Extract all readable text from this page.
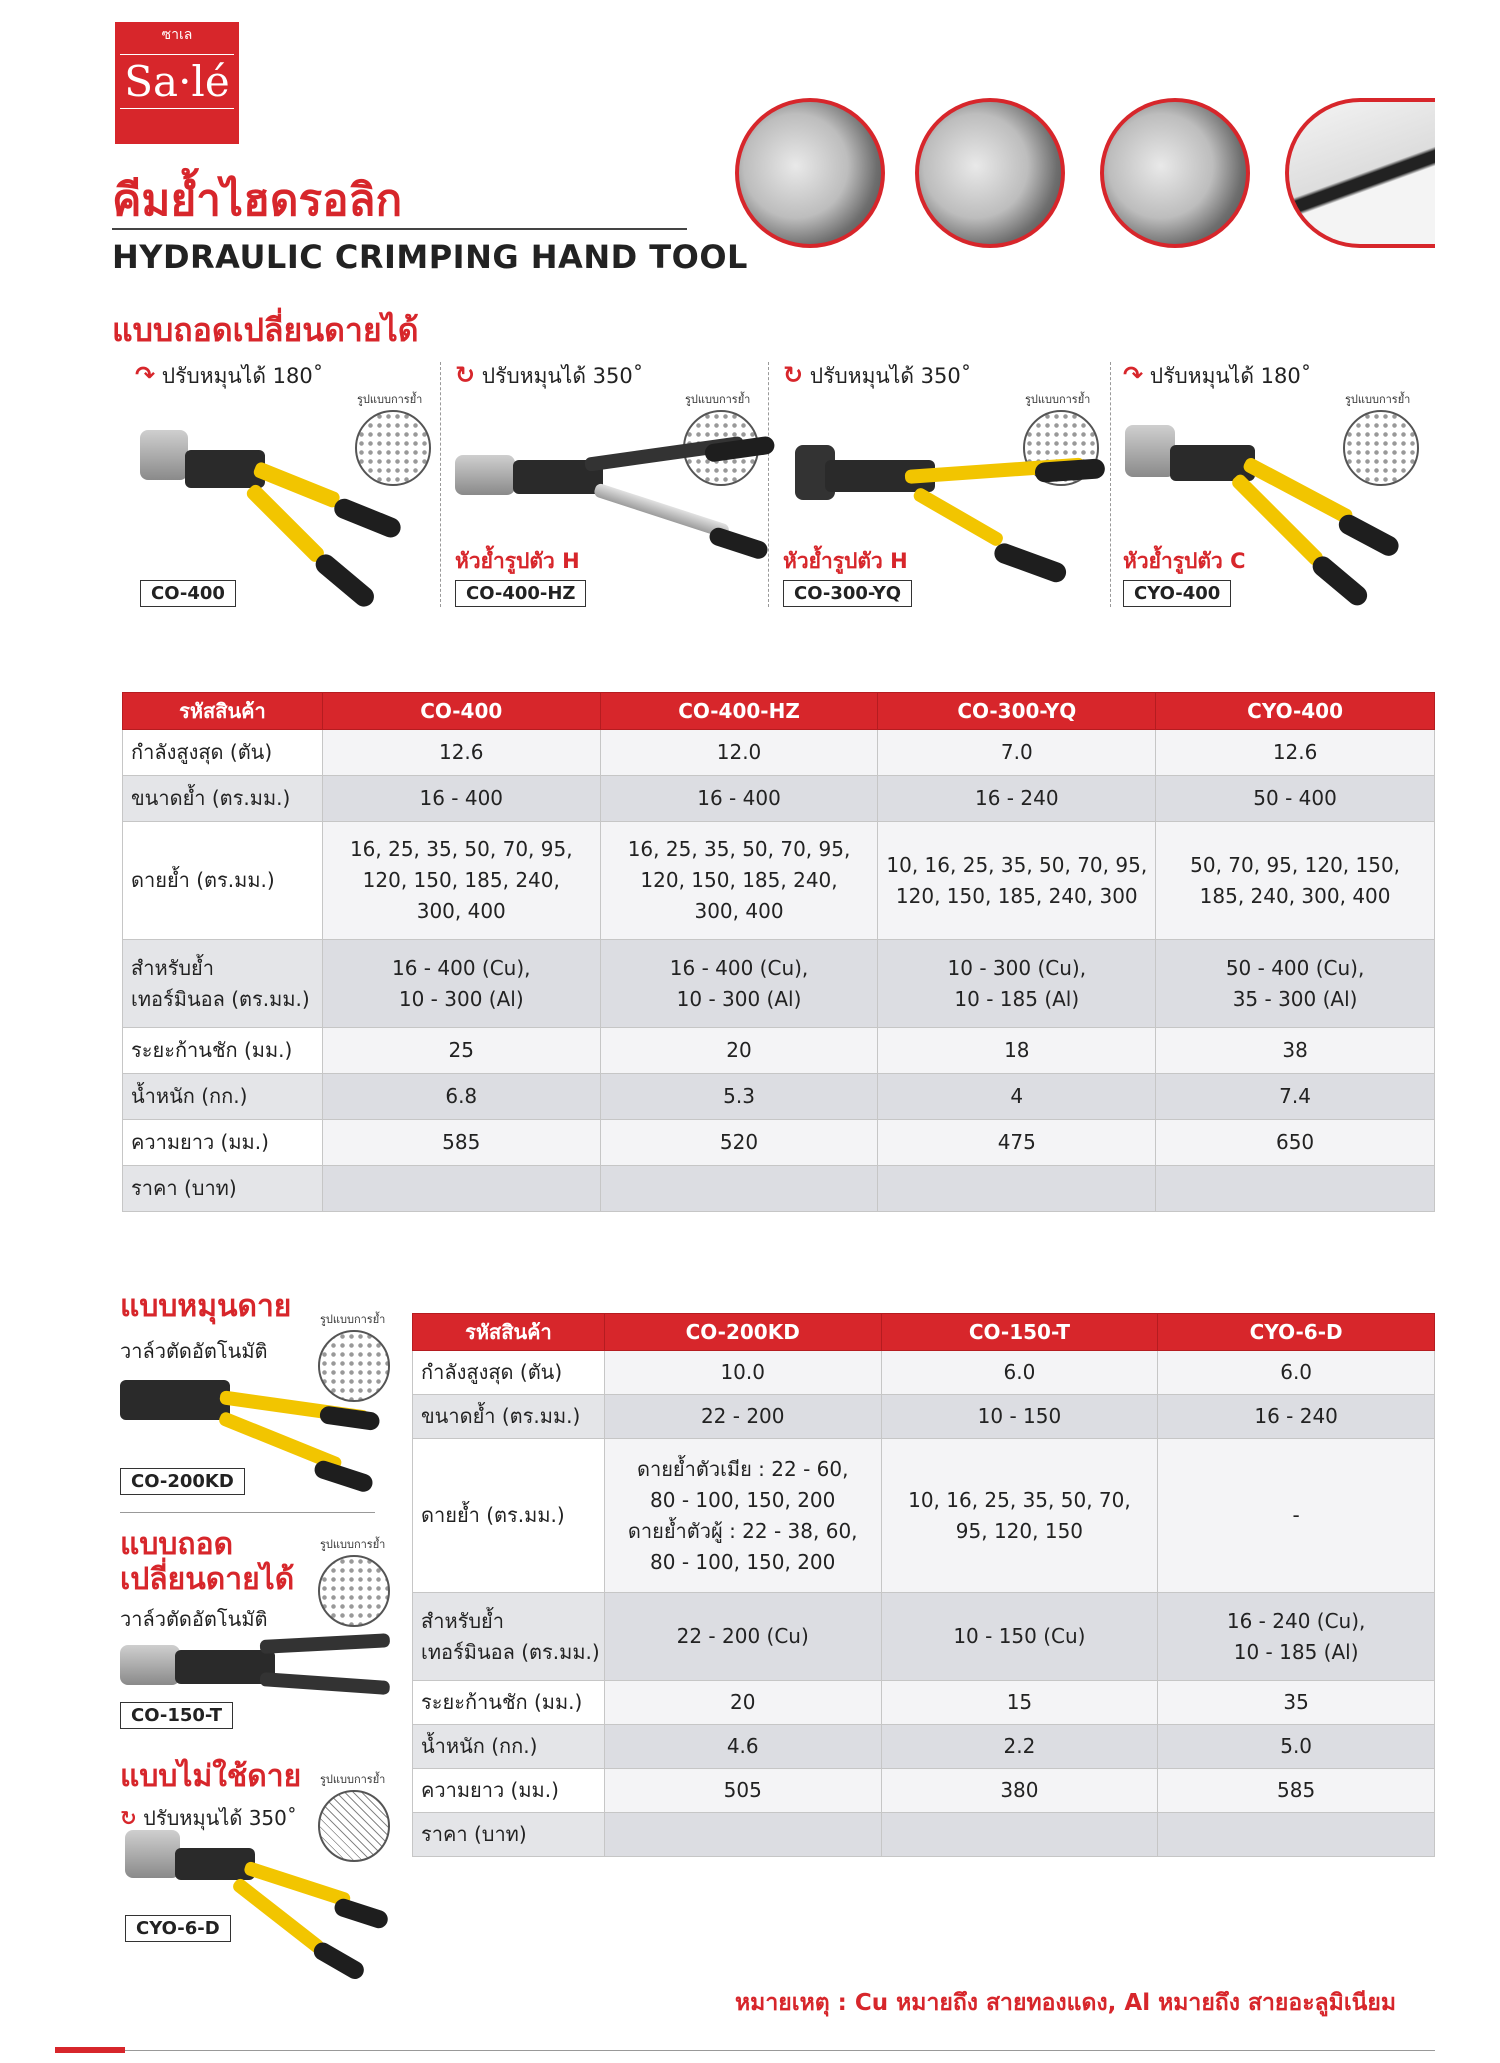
ซาเล
Sa·lé
คีมย้ำไฮดรอลิก
HYDRAULIC CRIMPING HAND TOOL
แบบถอดเปลี่ยนดายได้
↷ ปรับหมุนได้ 180˚
รูปแบบการย้ำ
CO-400
↻ ปรับหมุนได้ 350˚
รูปแบบการย้ำ
หัวย้ำรูปตัว H
CO-400-HZ
↻ ปรับหมุนได้ 350˚
รูปแบบการย้ำ
หัวย้ำรูปตัว H
CO-300-YQ
↷ ปรับหมุนได้ 180˚
รูปแบบการย้ำ
หัวย้ำรูปตัว C
CYO-400
รหัสสินค้า	CO-400	CO-400-HZ	CO-300-YQ	CYO-400
กำลังสูงสุด (ตัน)	12.6	12.0	7.0	12.6
ขนาดย้ำ (ตร.มม.)	16 - 400	16 - 400	16 - 240	50 - 400
ดายย้ำ (ตร.มม.)	16, 25, 35, 50, 70, 95,
120, 150, 185, 240,
300, 400	16, 25, 35, 50, 70, 95,
120, 150, 185, 240,
300, 400	10, 16, 25, 35, 50, 70, 95,
120, 150, 185, 240, 300	50, 70, 95, 120, 150,
185, 240, 300, 400
สำหรับย้ำ
เทอร์มินอล (ตร.มม.)	16 - 400 (Cu),
10 - 300 (Al)	16 - 400 (Cu),
10 - 300 (Al)	10 - 300 (Cu),
10 - 185 (Al)	50 - 400 (Cu),
35 - 300 (Al)
ระยะก้านชัก (มม.)	25	20	18	38
น้ำหนัก (กก.)	6.8	5.3	4	7.4
ความยาว (มม.)	585	520	475	650
ราคา (บาท)				
แบบหมุนดาย
วาล์วตัดอัตโนมัติ
รูปแบบการย้ำ
CO-200KD
แบบถอด
เปลี่ยนดายได้
วาล์วตัดอัตโนมัติ
รูปแบบการย้ำ
CO-150-T
แบบไม่ใช้ดาย
↻ ปรับหมุนได้ 350˚
รูปแบบการย้ำ
CYO-6-D
รหัสสินค้า	CO-200KD	CO-150-T	CYO-6-D
กำลังสูงสุด (ตัน)	10.0	6.0	6.0
ขนาดย้ำ (ตร.มม.)	22 - 200	10 - 150	16 - 240
ดายย้ำ (ตร.มม.)	ดายย้ำตัวเมีย : 22 - 60,
80 - 100, 150, 200
ดายย้ำตัวผู้ : 22 - 38, 60,
80 - 100, 150, 200	10, 16, 25, 35, 50, 70,
95, 120, 150	-
สำหรับย้ำ
เทอร์มินอล (ตร.มม.)	22 - 200 (Cu)	10 - 150 (Cu)	16 - 240 (Cu),
10 - 185 (Al)
ระยะก้านชัก (มม.)	20	15	35
น้ำหนัก (กก.)	4.6	2.2	5.0
ความยาว (มม.)	505	380	585
ราคา (บาท)			
หมายเหตุ : Cu หมายถึง สายทองแดง, Al หมายถึง สายอะลูมิเนียม
